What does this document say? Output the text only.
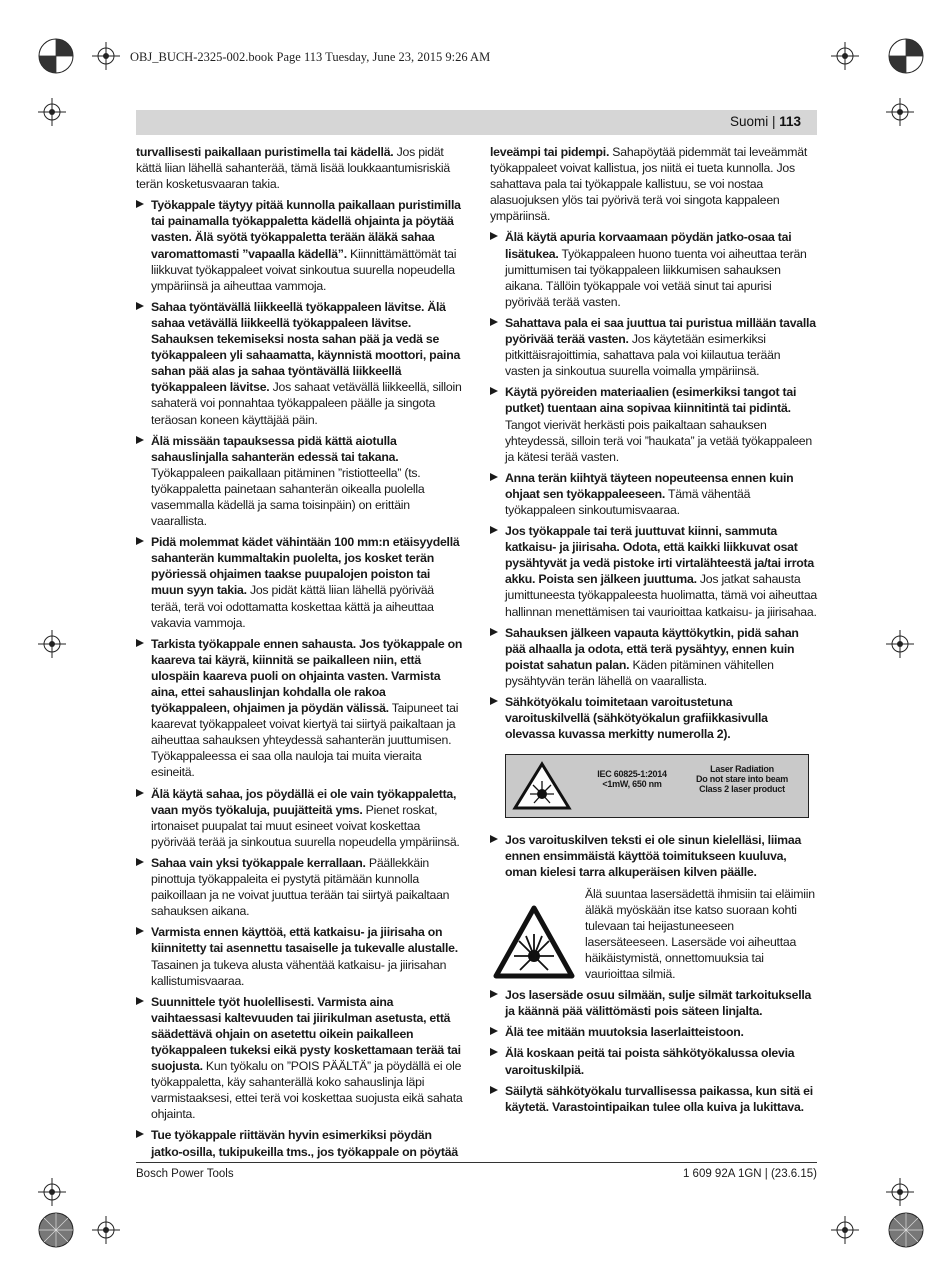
OBJ_BUCH-2325-002.book Page 113 Tuesday, June 23, 2015 9:26 AM
Suomi | 113
turvallisesti paikallaan puristimella tai kädellä. Jos pidät kättä liian lähellä sahanterää, tämä lisää loukkaantumisriskiä terän kosketusvaaran takia.
Työkappale täytyy pitää kunnolla paikallaan puristimilla tai painamalla työkappaletta kädellä ohjainta ja pöytää vasten. Älä syötä työkappaletta terään äläkä sahaa varomattomasti ”vapaalla kädellä”. Kiinnittämättömät tai liikkuvat työkappaleet voivat sinkoutua suurella nopeudella ympäriinsä ja aiheuttaa vammoja.
Sahaa työntävällä liikkeellä työkappaleen lävitse. Älä sahaa vetävällä liikkeellä työkappaleen lävitse. Sahauksen tekemiseksi nosta sahan pää ja vedä se työkappaleen yli sahaamatta, käynnistä moottori, paina sahan pää alas ja sahaa työntävällä liikkeellä työkappaleen lävitse. Jos sahaat vetävällä liikkeellä, silloin sahaterä voi ponnahtaa työkappaleen päälle ja singota teräosan koneen käyttäjää päin.
Älä missään tapauksessa pidä kättä aiotulla sahauslinjalla sahanterän edessä tai takana. Työkappaleen paikallaan pitäminen ”ristiotteella” (ts. työkappaletta painetaan sahanterän oikealla puolella vasemmalla kädellä ja sama toisinpäin) on erittäin vaarallista.
Pidä molemmat kädet vähintään 100 mm:n etäisyydellä sahanterän kummaltakin puolelta, jos kosket terän pyöriessä ohjaimen taakse puupalojen poiston tai muun syyn takia. Jos pidät kättä liian lähellä pyörivää terää, terä voi odottamatta koskettaa kättä ja aiheuttaa vakavia vammoja.
Tarkista työkappale ennen sahausta. Jos työkappale on kaareva tai käyrä, kiinnitä se paikalleen niin, että ulospäin kaareva puoli on ohjainta vasten. Varmista aina, ettei sahauslinjan kohdalla ole rakoa työkappaleen, ohjaimen ja pöydän välissä. Taipuneet tai kaarevat työkappaleet voivat kiertyä tai siirtyä paikaltaan ja aiheuttaa sahauksen yhteydessä sahanterän juuttumisen. Työkappaleessa ei saa olla nauloja tai muita vieraita esineitä.
Älä käytä sahaa, jos pöydällä ei ole vain työkappaletta, vaan myös työkaluja, puujätteitä yms. Pienet roskat, irtonaiset puupalat tai muut esineet voivat koskettaa pyörivää terää ja sinkoutua suurella nopeudella ympäriinsä.
Sahaa vain yksi työkappale kerrallaan. Päällekkäin pinottuja työkappaleita ei pystytä pitämään kunnolla paikoillaan ja ne voivat juuttua terään tai siirtyä paikaltaan sahauksen aikana.
Varmista ennen käyttöä, että katkaisu- ja jiirisaha on kiinnitetty tai asennettu tasaiselle ja tukevalle alustalle. Tasainen ja tukeva alusta vähentää katkaisu- ja jiirisahan kallistumisvaaraa.
Suunnittele työt huolellisesti. Varmista aina vaihtaessasi kaltevuuden tai jiirikulman asetusta, että säädettävä ohjain on asetettu oikein paikalleen työkappaleen tukeksi eikä pysty koskettamaan terää tai suojusta. Kun työkalu on ”POIS PÄÄLTÄ” ja pöydällä ei ole työkappaletta, käy sahanterällä koko sahauslinja läpi varmistaaksesi, ettei terä voi koskettaa suojusta eikä sahata ohjainta.
Tue työkappale riittävän hyvin esimerkiksi pöydän jatko-osilla, tukipukeilla tms., jos työkappale on pöytää
leveämpi tai pidempi. Sahapöytää pidemmät tai leveämmät työkappaleet voivat kallistua, jos niitä ei tueta kunnolla. Jos sahattava pala tai työkappale kallistuu, se voi nostaa alasuojuksen ylös tai pyörivä terä voi singota kappaleen ympäriinsä.
Älä käytä apuria korvaamaan pöydän jatko-osaa tai lisätukea. Työkappaleen huono tuenta voi aiheuttaa terän jumittumisen tai työkappaleen liikkumisen sahauksen aikana. Tällöin työkappale voi vetää sinut tai apurisi pyörivää terää vasten.
Sahattava pala ei saa juuttua tai puristua millään tavalla pyörivää terää vasten. Jos käytetään esimerkiksi pitkittäisrajoittimia, sahattava pala voi kiilautua terään vasten ja sinkoutua suurella voimalla ympäriinsä.
Käytä pyöreiden materiaalien (esimerkiksi tangot tai putket) tuentaan aina sopivaa kiinnitintä tai pidintä. Tangot vierivät herkästi pois paikaltaan sahauksen yhteydessä, silloin terä voi ”haukata” ja vetää työkappaleen ja kätesi terää vasten.
Anna terän kiihtyä täyteen nopeuteensa ennen kuin ohjaat sen työkappaleeseen. Tämä vähentää työkappaleen sinkoutumisvaaraa.
Jos työkappale tai terä juuttuvat kiinni, sammuta katkaisu- ja jiirisaha. Odota, että kaikki liikkuvat osat pysähtyvät ja vedä pistoke irti virtalähteestä ja/tai irrota akku. Poista sen jälkeen juuttuma. Jos jatkat sahausta jumittuneesta työkappaleesta huolimatta, tämä voi aiheuttaa hallinnan menettämisen tai vaurioittaa katkaisu- ja jiirisahaa.
Sahauksen jälkeen vapauta käyttökytkin, pidä sahan pää alhaalla ja odota, että terä pysähtyy, ennen kuin poistat sahatun palan. Käden pitäminen vähitellen pysähtyvän terän lähellä on vaarallista.
Sähkötyökalu toimitetaan varoitustetuna varoituskilvellä (sähkötyökalun grafiikkasivulla olevassa kuvassa merkitty numerolla 2).
IEC 60825-1:2014
<1mW, 650 nm
Laser Radiation
Do not stare into beam
Class 2 laser product
Jos varoituskilven teksti ei ole sinun kielelläsi, liimaa ennen ensimmäistä käyttöä toimitukseen kuuluva, oman kielesi tarra alkuperäisen kilven päälle.
Älä suuntaa lasersädettä ihmisiin tai eläimiin äläkä myöskään itse katso suoraan kohti tulevaan tai heijastuneeseen lasersäteeseen. Lasersäde voi aiheuttaa häikäistymistä, onnettomuuksia tai vaurioittaa silmiä.
Jos lasersäde osuu silmään, sulje silmät tarkoituksella ja käännä pää välittömästi pois säteen linjalta.
Älä tee mitään muutoksia laserlaitteistoon.
Älä koskaan peitä tai poista sähkötyökalussa olevia varoituskilpiä.
Säilytä sähkötyökalu turvallisessa paikassa, kun sitä ei käytetä. Varastointipaikan tulee olla kuiva ja lukittava.
Bosch Power Tools	1 609 92A 1GN | (23.6.15)
